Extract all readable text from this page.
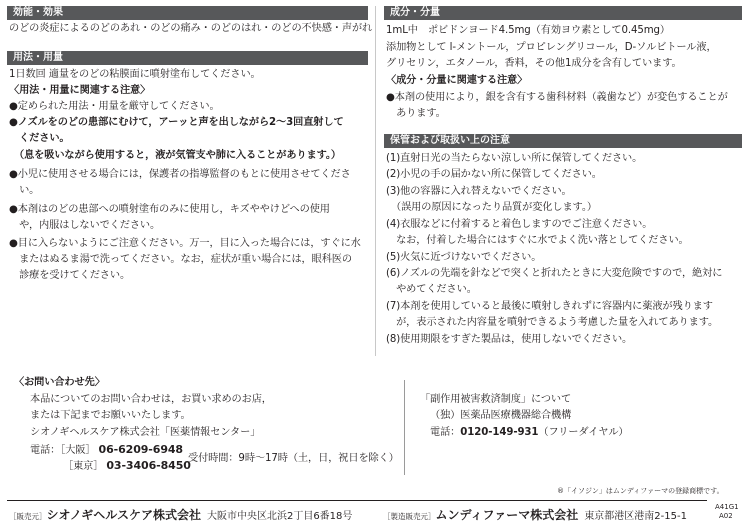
効能・効果
のどの炎症によるのどのあれ・のどの痛み・のどのはれ・のどの不快感・声がれ
用法・用量
1日数回 適量をのどの粘膜面に噴射塗布してください。
〈用法・用量に関連する注意〉
●定められた用法・用量を厳守してください。
●ノズルをのどの患部にむけて，アーッと声を出しながら2～3回直射して
　ください。
　（息を吸いながら使用すると，液が気管支や肺に入ることがあります。）
●小児に使用させる場合には，保護者の指導監督のもとに使用させてくださ
　い。
●本剤はのどの患部への噴射塗布のみに使用し，キズややけどへの使用
　や，内服はしないでください。
●目に入らないようにご注意ください。万一，目に入った場合には，すぐに水
　またはぬるま湯で洗ってください。なお，症状が重い場合には，眼科医の
　診療を受けてください。
成分・分量
1mL中　ポビドンヨード4.5mg（有効ヨウ素として0.45mg）
添加物として l-メントール，プロピレングリコール，D-ソルビトール液，
グリセリン，エタノール，香料，その他1成分を含有しています。
〈成分・分量に関連する注意〉
●本剤の使用により，銀を含有する歯科材料（義歯など）が変色することが
　あります。
保管および取扱い上の注意
(1)直射日光の当たらない涼しい所に保管してください。
(2)小児の手の届かない所に保管してください。
(3)他の容器に入れ替えないでください。
　（誤用の原因になったり品質が変化します。）
(4)衣服などに付着すると着色しますのでご注意ください。
　なお，付着した場合にはすぐに水でよく洗い落としてください。
(5)火気に近づけないでください。
(6)ノズルの先端を針などで突くと折れたときに大変危険ですので，絶対に
　やめてください。
(7)本剤を使用していると最後に噴射しきれずに容器内に薬液が残ります
　が，表示された内容量を噴射できるよう考慮した量を入れてあります。
(8)使用期限をすぎた製品は，使用しないでください。
〈お問い合わせ先〉
本品についてのお問い合わせは，お買い求めのお店，
または下記までお願いいたします。
シオノギヘルスケア株式会社「医薬情報センター」
電話：［大阪］ 06-6209-6948
［東京］ 03-3406-8450
受付時間：9時～17時（土，日，祝日を除く）
「副作用被害救済制度」について
（独）医薬品医療機器総合機構
電話：0120-149-931（フリーダイヤル）
®「イソジン」はムンディファーマの登録商標です。
A41G1
A02
［販売元］シオノギヘルスケア株式会社 大阪市中央区北浜2丁目6番18号	［製造販売元］ムンディファーマ株式会社 東京都港区港南2-15-1
